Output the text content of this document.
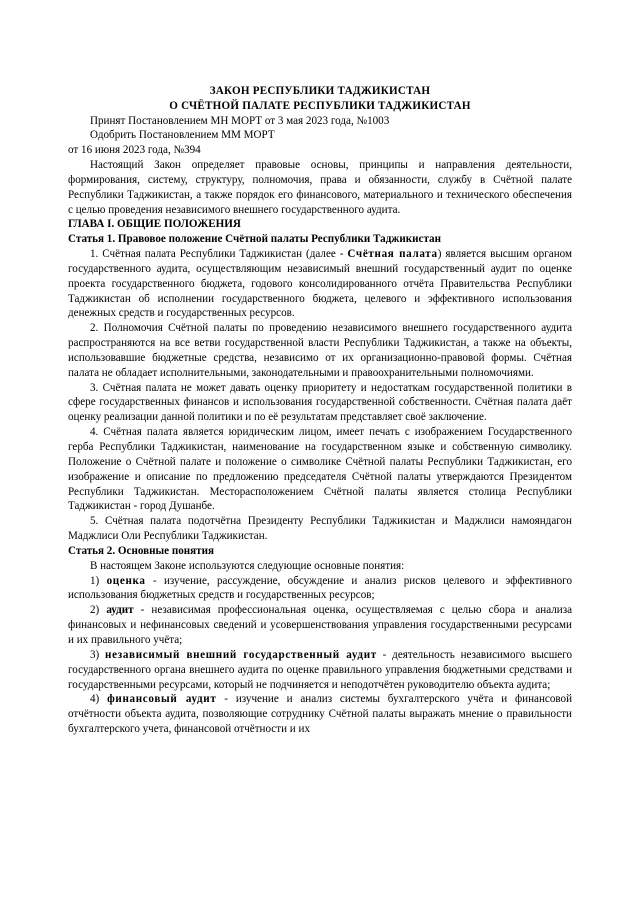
ЗАКОН РЕСПУБЛИКИ ТАДЖИКИСТАН
О СЧЁТНОЙ ПАЛАТЕ РЕСПУБЛИКИ ТАДЖИКИСТАН
Принят Постановлением МН МОРТ от 3 мая 2023 года, №1003
Одобрить Постановлением ММ МОРТ
от 16 июня 2023 года, №394

Настоящий Закон определяет правовые основы, принципы и направления деятельности, формирования, систему, структуру, полномочия, права и обязанности, службу в Счётной палате Республики Таджикистан, а также порядок его финансового, материального и технического обеспечения с целью проведения независимого внешнего государственного аудита.

ГЛАВА I. ОБЩИЕ ПОЛОЖЕНИЯ

Статья 1. Правовое положение Счётной палаты Республики Таджикистан

1. Счётная палата Республики Таджикистан (далее - Счётная палата) является высшим органом государственного аудита, осуществляющим независимый внешний государственный аудит по оценке проекта государственного бюджета, годового консолидированного отчёта Правительства Республики Таджикистан об исполнении государственного бюджета, целевого и эффективного использования денежных средств и государственных ресурсов.

2. Полномочия Счётной палаты по проведению независимого внешнего государственного аудита распространяются на все ветви государственной власти Республики Таджикистан, а также на объекты, использовавшие бюджетные средства, независимо от их организационно-правовой формы. Счётная палата не обладает исполнительными, законодательными и правоохранительными полномочиями.

3. Счётная палата не может давать оценку приоритету и недостаткам государственной политики в сфере государственных финансов и использования государственной собственности. Счётная палата даёт оценку реализации данной политики и по её результатам представляет своё заключение.

4. Счётная палата является юридическим лицом, имеет печать с изображением Государственного герба Республики Таджикистан, наименование на государственном языке и собственную символику. Положение о Счётной палате и положение о символике Счётной палаты Республики Таджикистан, его изображение и описание по предложению председателя Счётной палаты утверждаются Президентом Республики Таджикистан. Месторасположением Счётной палаты является столица Республики Таджикистан - город Душанбе.

5. Счётная палата подотчётна Президенту Республики Таджикистан и Маджлиси намояндагон Маджлиси Оли Республики Таджикистан.

Статья 2. Основные понятия

В настоящем Законе используются следующие основные понятия:

1) оценка - изучение, рассуждение, обсуждение и анализ рисков целевого и эффективного использования бюджетных средств и государственных ресурсов;

2) аудит - независимая профессиональная оценка, осуществляемая с целью сбора и анализа финансовых и нефинансовых сведений и усовершенствования управления государственными ресурсами и их правильного учёта;

3) независимый внешний государственный аудит - деятельность независимого высшего государственного органа внешнего аудита по оценке правильного управления бюджетными средствами и государственными ресурсами, который не подчиняется и неподотчётен руководителю объекта аудита;

4) финансовый аудит - изучение и анализ системы бухгалтерского учёта и финансовой отчётности объекта аудита, позволяющие сотруднику Счётной палаты выражать мнение о правильности бухгалтерского учета, финансовой отчётности и их
